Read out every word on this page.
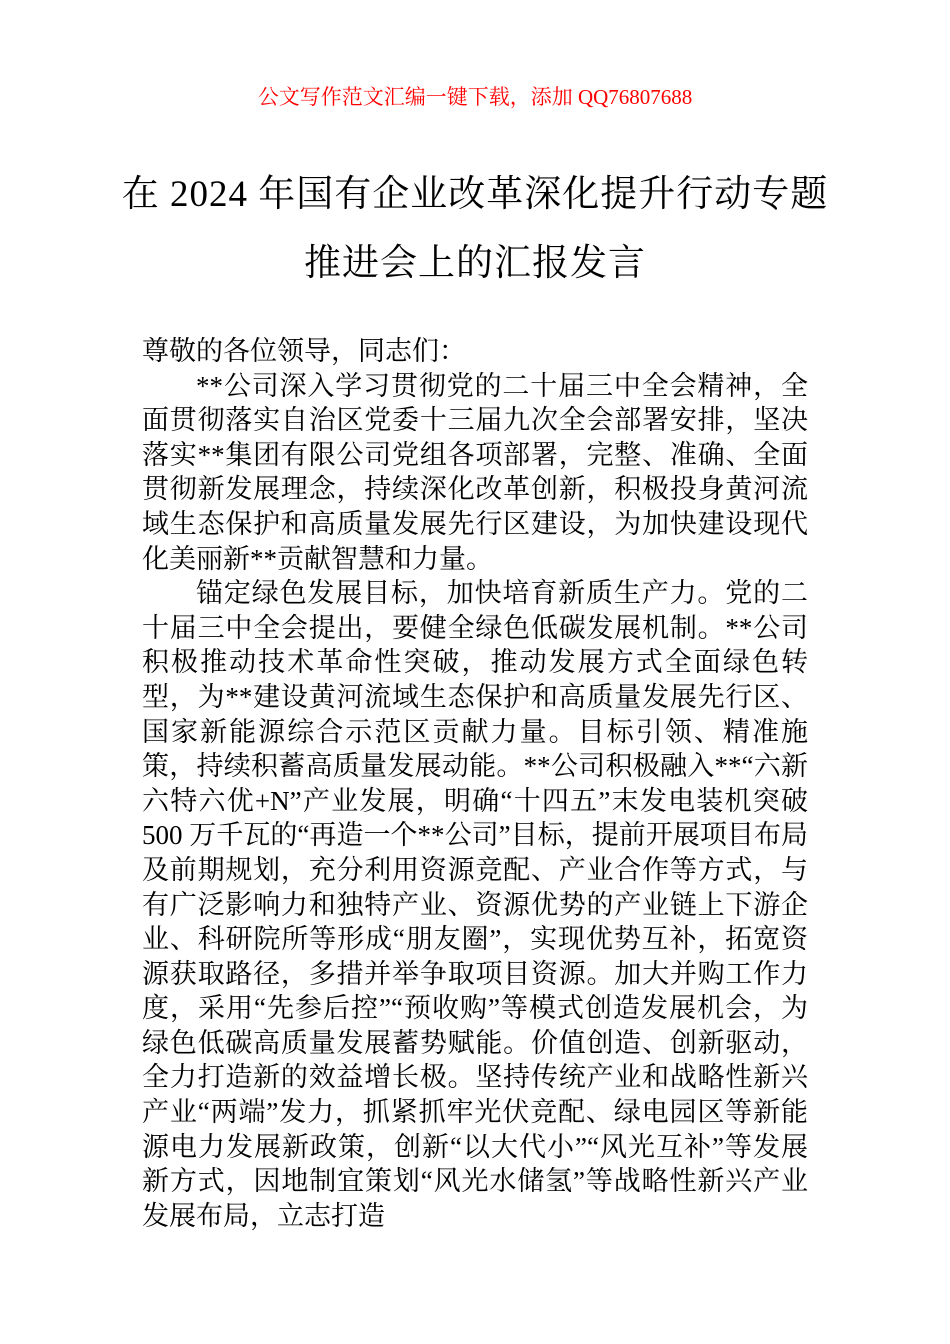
公文写作范文汇编一键下载，添加 QQ76807688
在 2024 年国有企业改革深化提升行动专题
推进会上的汇报发言

尊敬的各位领导，同志们：

**公司深入学习贯彻党的二十届三中全会精神，全面贯彻落实自治区党委十三届九次全会部署安排，坚决落实**集团有限公司党组各项部署，完整、准确、全面贯彻新发展理念，持续深化改革创新，积极投身黄河流域生态保护和高质量发展先行区建设，为加快建设现代化美丽新**贡献智慧和力量。

锚定绿色发展目标，加快培育新质生产力。党的二十届三中全会提出，要健全绿色低碳发展机制。**公司积极推动技术革命性突破，推动发展方式全面绿色转型，为**建设黄河流域生态保护和高质量发展先行区、国家新能源综合示范区贡献力量。目标引领、精准施策，持续积蓄高质量发展动能。**公司积极融入**“六新六特六优+N”产业发展，明确“十四五”末发电装机突破 500 万千瓦的“再造一个**公司”目标，提前开展项目布局及前期规划，充分利用资源竞配、产业合作等方式，与有广泛影响力和独特产业、资源优势的产业链上下游企业、科研院所等形成“朋友圈”，实现优势互补，拓宽资源获取路径，多措并举争取项目资源。加大并购工作力度，采用“先参后控”“预收购”等模式创造发展机会，为绿色低碳高质量发展蓄势赋能。价值创造、创新驱动，全力打造新的效益增长极。坚持传统产业和战略性新兴产业“两端”发力，抓紧抓牢光伏竞配、绿电园区等新能源电力发展新政策，创新“以大代小”“风光互补”等发展新方式，因地制宜策划“风光水储氢”等战略性新兴产业发展布局，立志打造
